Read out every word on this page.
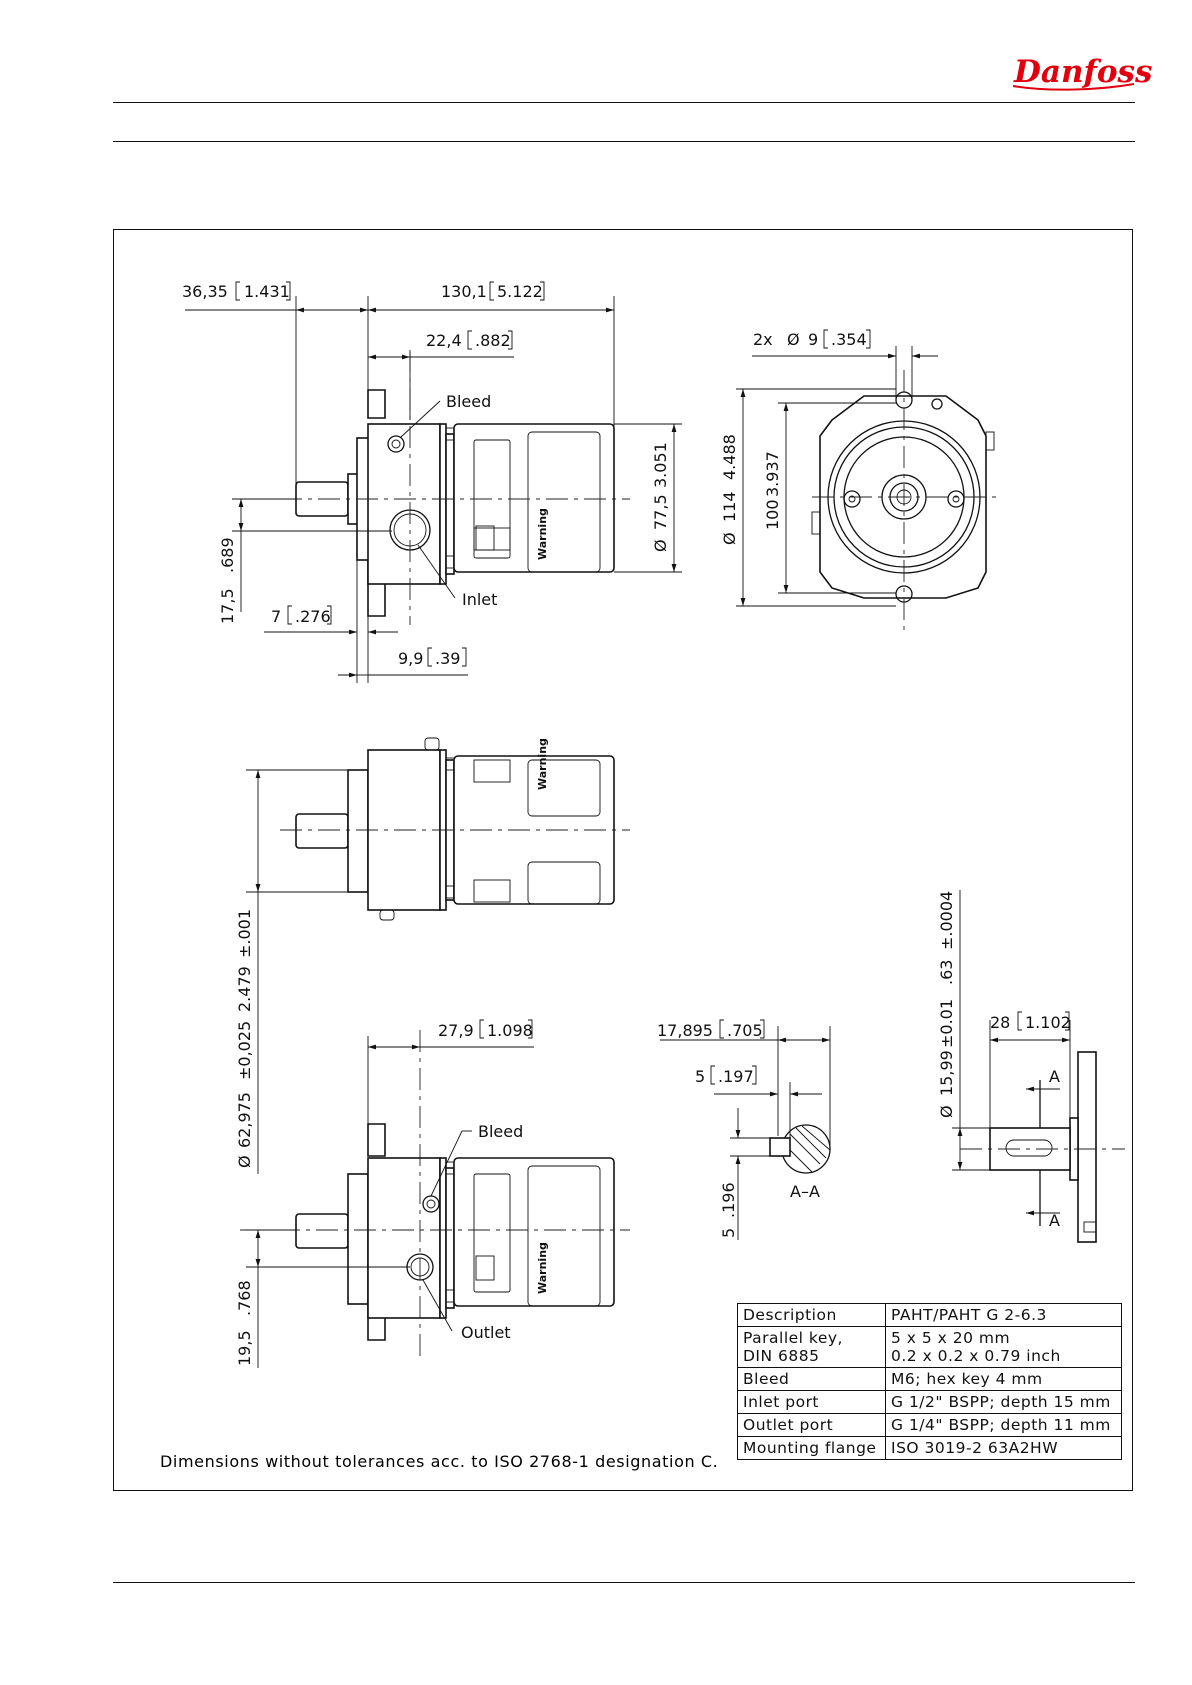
Danfoss
Warning
36,35 1.431	130,1 5.122
22,4 .882
Bleed
Inlet
17,5
.689
7 .276
9,9 .39
Ø
77,5
3.051
2x Ø 9 .354
Ø
114
4.488
100
3.937
Warning
Ø
62,975
±0,025
2.479
±.001
Warning
27,9 1.098
Bleed
Outlet
19,5
.768
17,895 .705
5 .197
5
.196	A–A
A
A
28 1.102
Ø
15,99
±0.01
.63
±.0004
Description	PAHT/PAHT G 2-6.3
Parallel key,
DIN 6885	5 x 5 x 20 mm
0.2 x 0.2 x 0.79 inch
Bleed	M6; hex key 4 mm
Inlet port	G 1/2" BSPP; depth 15 mm
Outlet port	G 1/4" BSPP; depth 11 mm
Mounting flange	ISO 3019-2 63A2HW
Dimensions without tolerances acc. to ISO 2768-1 designation C.
